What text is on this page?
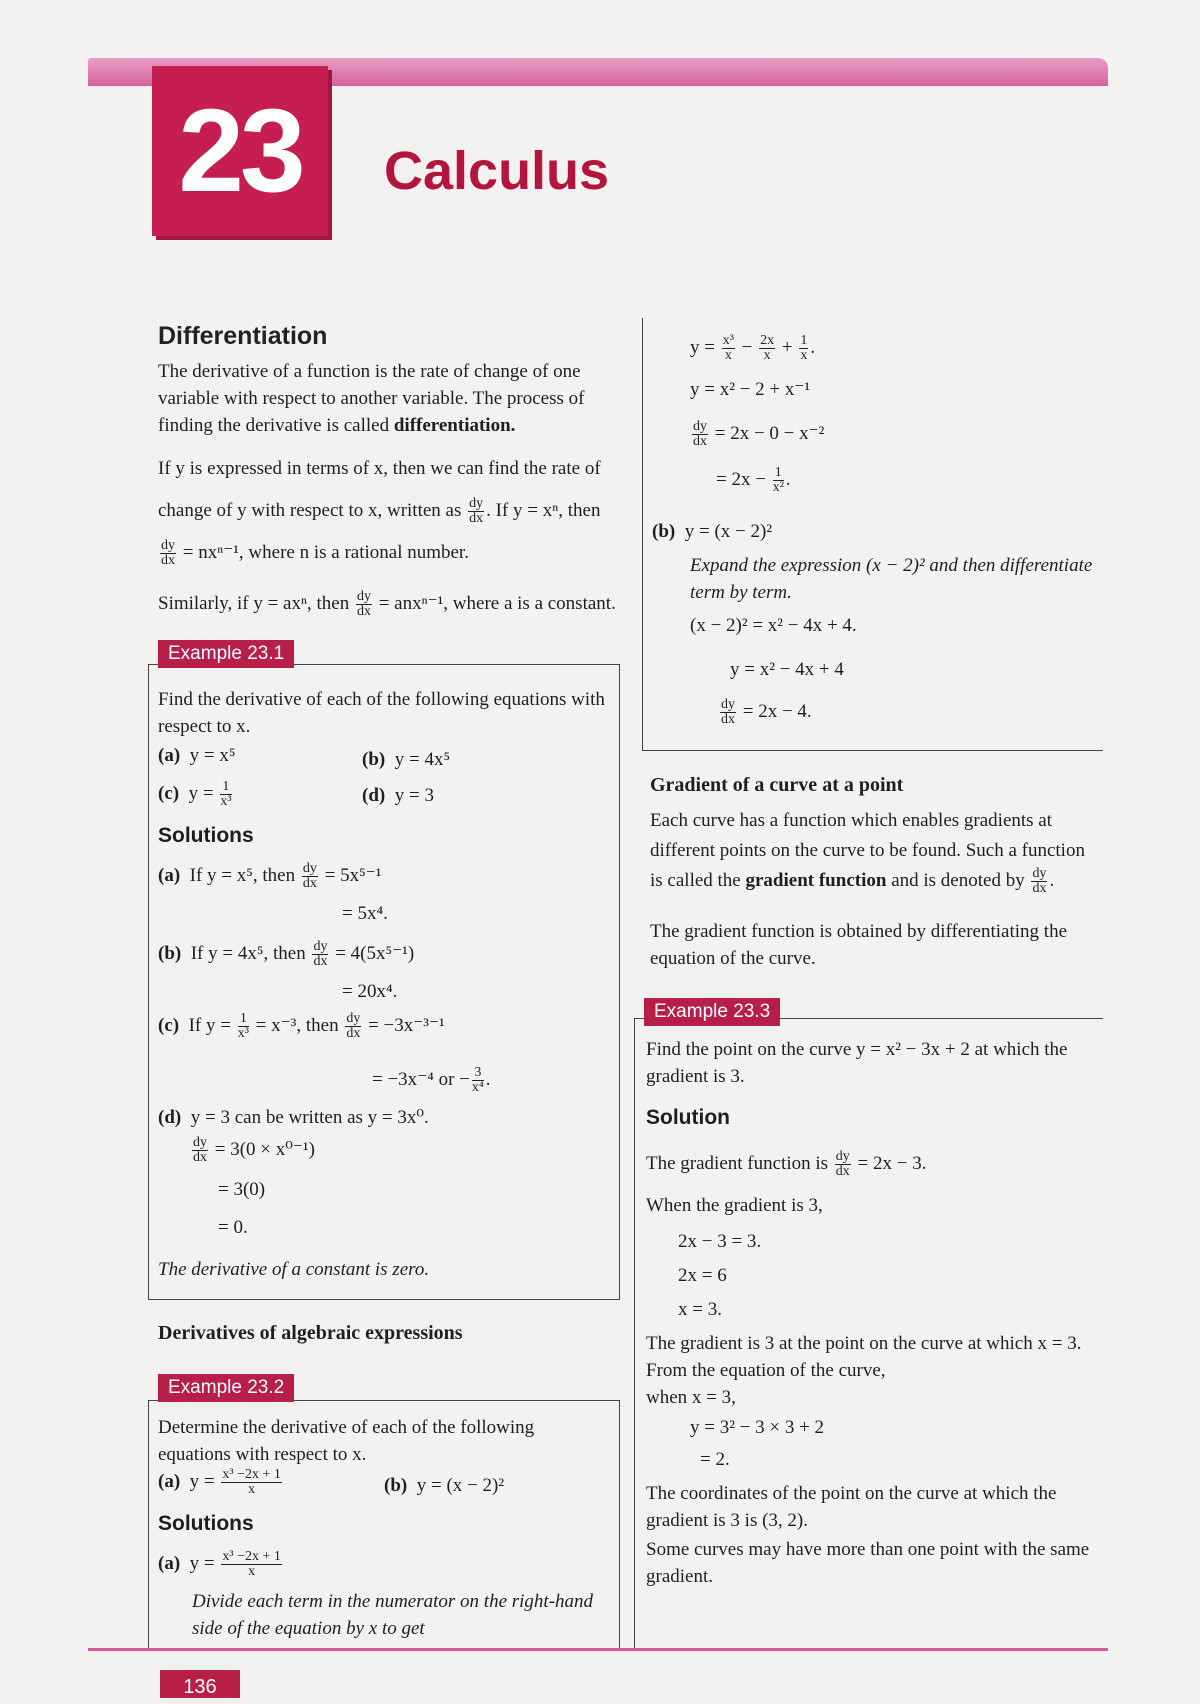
23	Calculus
Differentiation
The derivative of a function is the rate of change of one variable with respect to another variable. The process of finding the derivative is called differentiation.
If y is expressed in terms of x, then we can find the rate of change of y with respect to x, written as $\frac{dy}{dx}$ . If y = xⁿ, then
$\frac{dy}{dx} = nx^{n-1}$, where n is a rational number.
Similarly, if y = axⁿ, then $\frac{dy}{dx} = anx^{n-1}$, where a is a constant.
Example 23.1
Find the derivative of each of the following equations with respect to x.
(a) y = x⁵	(b) y = 4x⁵
(c) $y = \frac{1}{\text{x³}}$	(d) y = 3
Solutions
(a) If y = x⁵, then $\frac{dy}{dx} = 5x^{5-1}$
= 5x⁴.
(b) If y = 4x⁵, then $\frac{dy}{dx} = 4(5x^{5-1})$
= 20x⁴.
(c) If $y = \frac{1}{\text{x³}} = x^{-3}$, then $\frac{dy}{dx} = -3x^{-3-1}$
= −3x⁻⁴ or − $\frac{3}{\text{x⁴}}$ .
(d) y = 3 can be written as y = 3x⁰.
$\frac{dy}{dx} = 3(0 \times x^{0-1})$
= 3(0)
= 0.
The derivative of a constant is zero.
Derivatives of algebraic expressions
Example 23.2
Determine the derivative of each of the following equations with respect to x.
(a) $y = \frac{\text{x³ −2x + 1}}{x}$	(b) y = (x − 2)²
Solutions
(a) $y = \frac{\text{x³ −2x + 1}}{x}$
Divide each term in the numerator on the right-hand side of the equation by x to get
$y = \frac{\text{x³}}{x} - \frac{2x}{x} + \frac{1}{x}$ .
y = x² − 2 + x⁻¹
$\frac{dy}{dx} = 2x - 0 - x^{-2}$
= $2x - \frac{1}{\text{x²}}$ .
(b) y = (x − 2)²
Expand the expression (x − 2)² and then differentiate term by term.
(x − 2)² = x² − 4x + 4.
y = x² − 4x + 4
$\frac{dy}{dx} = 2x - 4$.
Gradient of a curve at a point
Each curve has a function which enables gradients at different points on the curve to be found. Such a function is called the gradient function and is denoted by $\frac{dy}{dx}$ .
The gradient function is obtained by differentiating the equation of the curve.
Example 23.3
Find the point on the curve y = x² − 3x + 2 at which the gradient is 3.
Solution
The gradient function is $\frac{dy}{dx} = 2x - 3$.
When the gradient is 3,
2x − 3 = 3.
2x = 6
x = 3.
The gradient is 3 at the point on the curve at which x = 3. From the equation of the curve,
when x = 3,
y = 3² − 3 × 3 + 2
= 2.
The coordinates of the point on the curve at which the gradient is 3 is (3, 2).
Some curves may have more than one point with the same gradient.
136
